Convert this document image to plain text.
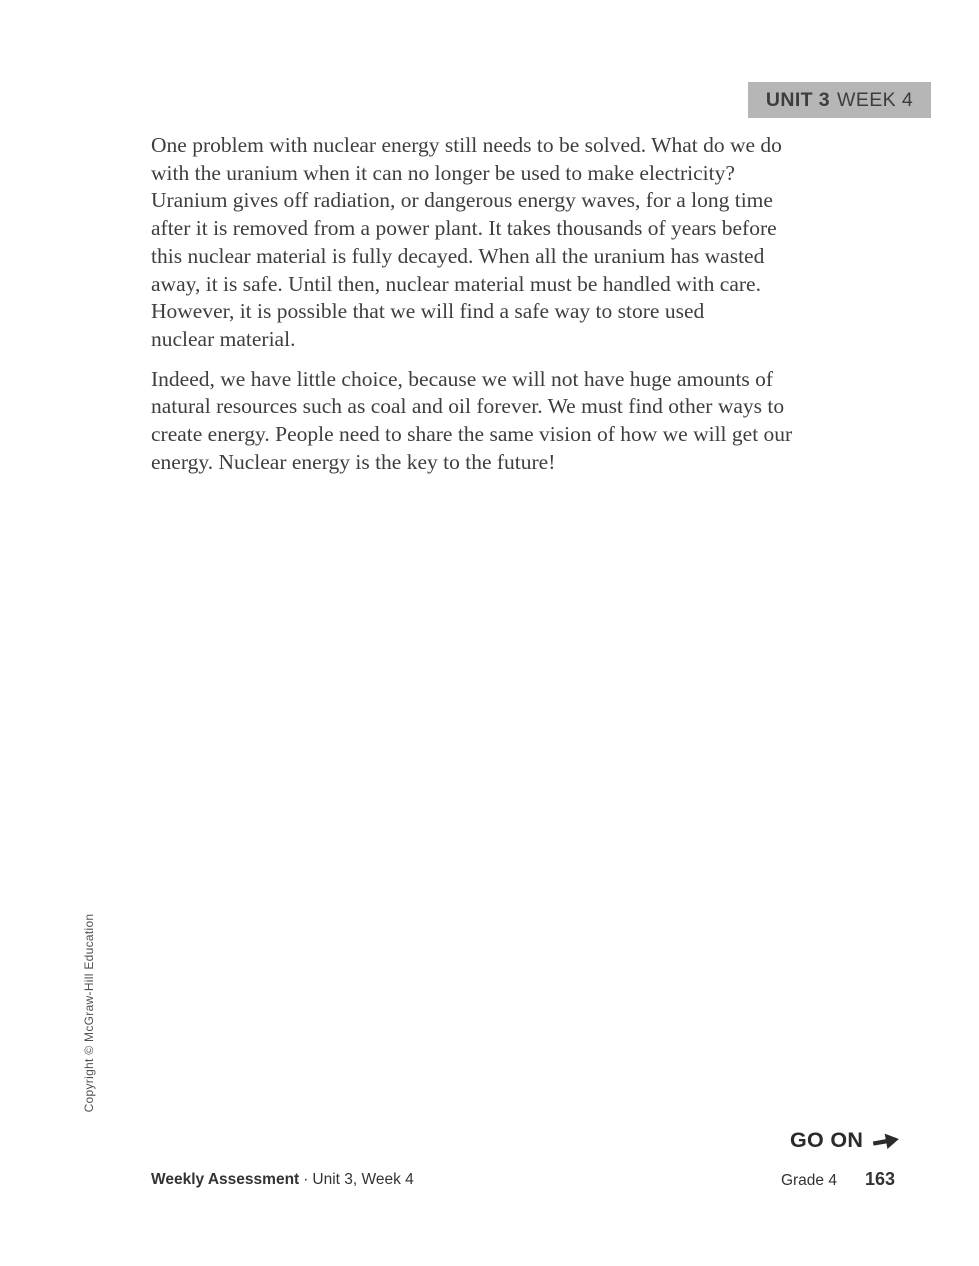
UNIT 3 WEEK 4
One problem with nuclear energy still needs to be solved. What do we do
with the uranium when it can no longer be used to make electricity?
Uranium gives off radiation, or dangerous energy waves, for a long time
after it is removed from a power plant. It takes thousands of years before
this nuclear material is fully decayed. When all the uranium has wasted
away, it is safe. Until then, nuclear material must be handled with care.
However, it is possible that we will find a safe way to store used
nuclear material.
Indeed, we have little choice, because we will not have huge amounts of
natural resources such as coal and oil forever. We must find other ways to
create energy. People need to share the same vision of how we will get our
energy. Nuclear energy is the key to the future!
Copyright © McGraw-Hill Education
GO ON
Weekly Assessment · Unit 3, Week 4	Grade 4 163
